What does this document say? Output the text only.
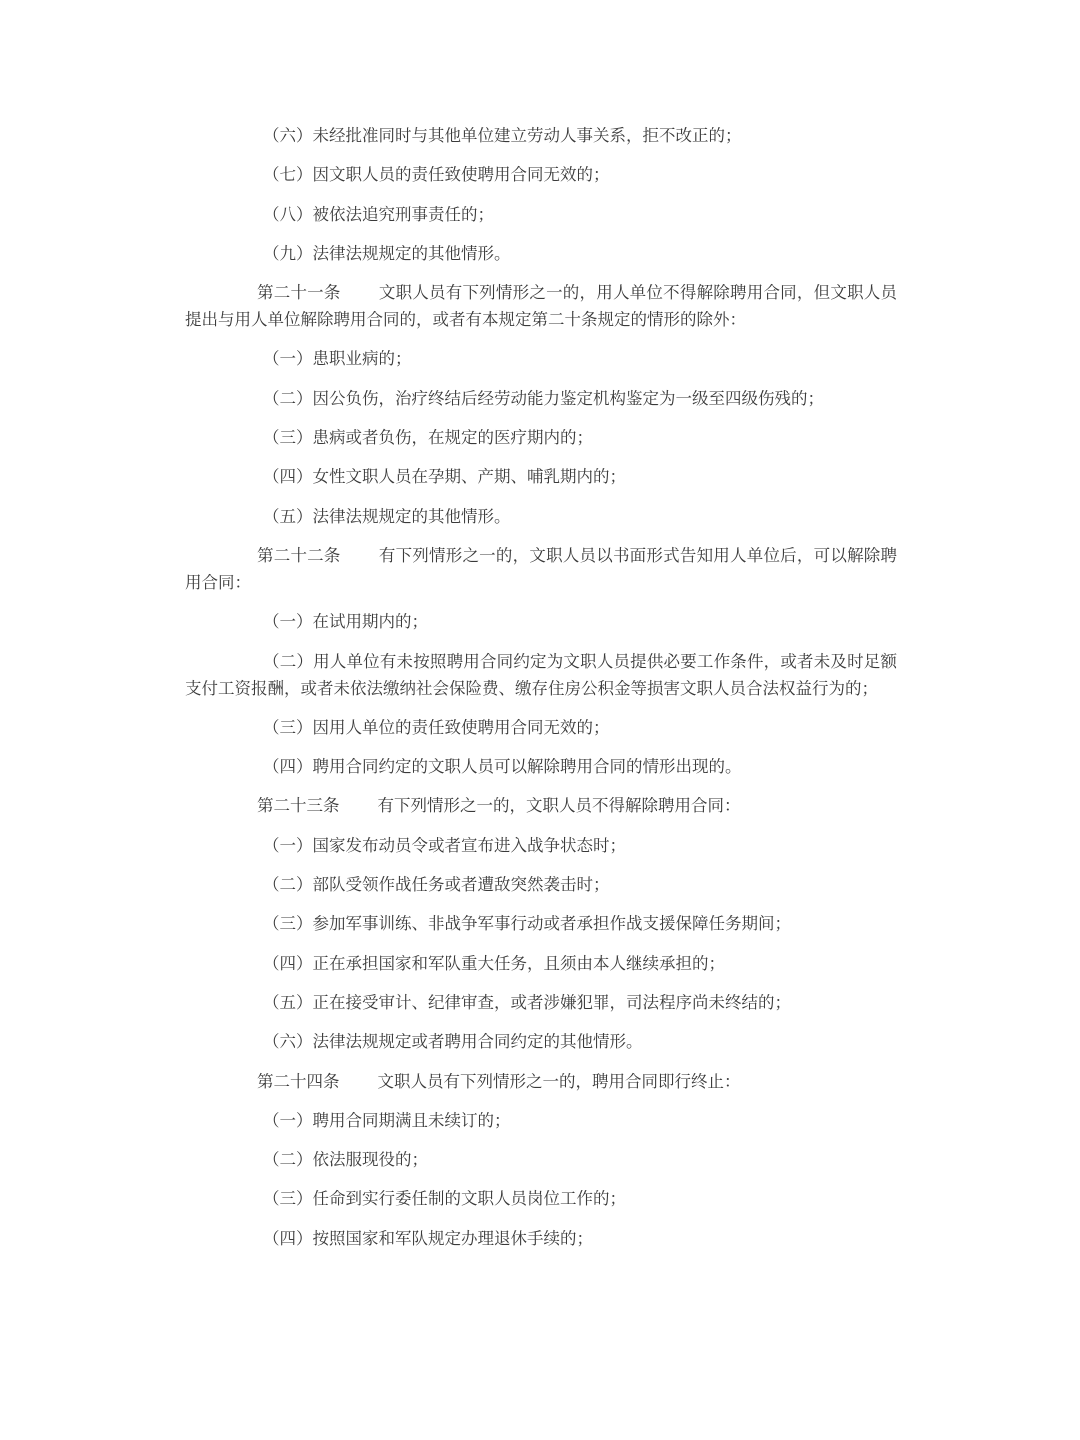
（六）未经批准同时与其他单位建立劳动人事关系，拒不改正的；
（七）因文职人员的责任致使聘用合同无效的；
（八）被依法追究刑事责任的；
（九）法律法规规定的其他情形。
第二十一条 文职人员有下列情形之一的，用人单位不得解除聘用合同，但文职人员提出与用人单位解除聘用合同的，或者有本规定第二十条规定的情形的除外：
（一）患职业病的；
（二）因公负伤，治疗终结后经劳动能力鉴定机构鉴定为一级至四级伤残的；
（三）患病或者负伤，在规定的医疗期内的；
（四）女性文职人员在孕期、产期、哺乳期内的；
（五）法律法规规定的其他情形。
第二十二条 有下列情形之一的，文职人员以书面形式告知用人单位后，可以解除聘用合同：
（一）在试用期内的；
（二）用人单位有未按照聘用合同约定为文职人员提供必要工作条件，或者未及时足额支付工资报酬，或者未依法缴纳社会保险费、缴存住房公积金等损害文职人员合法权益行为的；
（三）因用人单位的责任致使聘用合同无效的；
（四）聘用合同约定的文职人员可以解除聘用合同的情形出现的。
第二十三条 有下列情形之一的，文职人员不得解除聘用合同：
（一）国家发布动员令或者宣布进入战争状态时；
（二）部队受领作战任务或者遭敌突然袭击时；
（三）参加军事训练、非战争军事行动或者承担作战支援保障任务期间；
（四）正在承担国家和军队重大任务，且须由本人继续承担的；
（五）正在接受审计、纪律审查，或者涉嫌犯罪，司法程序尚未终结的；
（六）法律法规规定或者聘用合同约定的其他情形。
第二十四条 文职人员有下列情形之一的，聘用合同即行终止：
（一）聘用合同期满且未续订的；
（二）依法服现役的；
（三）任命到实行委任制的文职人员岗位工作的；
（四）按照国家和军队规定办理退休手续的；
